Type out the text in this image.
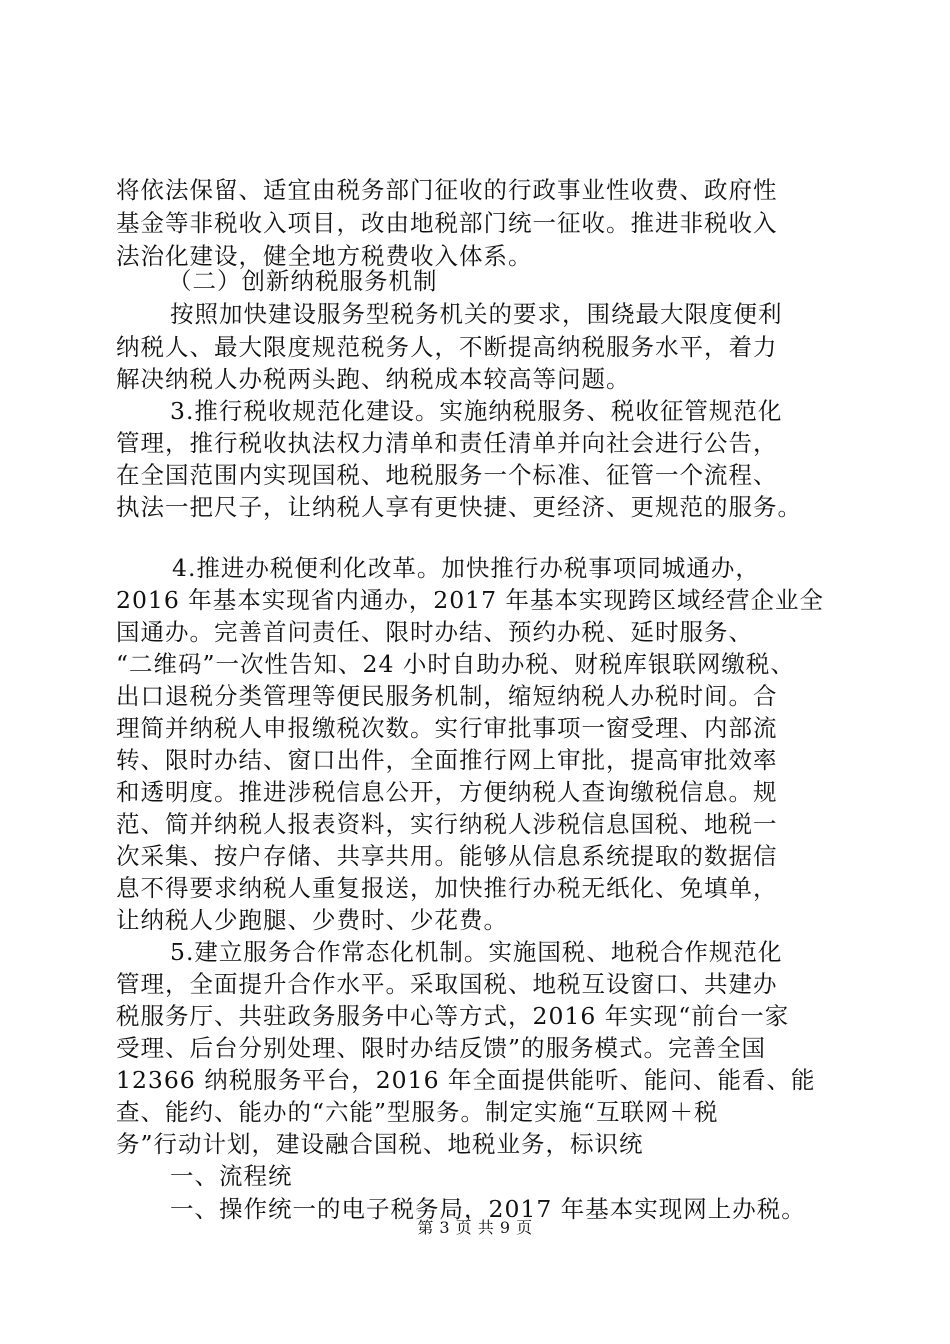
将依法保留、适宜由税务部门征收的行政事业性收费、政府性
基金等非税收入项目，改由地税部门统一征收。推进非税收入
法治化建设，健全地方税费收入体系。
（二）创新纳税服务机制
按照加快建设服务型税务机关的要求，围绕最大限度便利
纳税人、最大限度规范税务人，不断提高纳税服务水平，着力
解决纳税人办税两头跑、纳税成本较高等问题。
3.推行税收规范化建设。实施纳税服务、税收征管规范化
管理，推行税收执法权力清单和责任清单并向社会进行公告，
在全国范围内实现国税、地税服务一个标准、征管一个流程、
执法一把尺子，让纳税人享有更快捷、更经济、更规范的服务。
4.推进办税便利化改革。加快推行办税事项同城通办，
2016 年基本实现省内通办，2017 年基本实现跨区域经营企业全
国通办。完善首问责任、限时办结、预约办税、延时服务、
“二维码”一次性告知、24 小时自助办税、财税库银联网缴税、
出口退税分类管理等便民服务机制，缩短纳税人办税时间。合
理简并纳税人申报缴税次数。实行审批事项一窗受理、内部流
转、限时办结、窗口出件，全面推行网上审批，提高审批效率
和透明度。推进涉税信息公开，方便纳税人查询缴税信息。规
范、简并纳税人报表资料，实行纳税人涉税信息国税、地税一
次采集、按户存储、共享共用。能够从信息系统提取的数据信
息不得要求纳税人重复报送，加快推行办税无纸化、免填单，
让纳税人少跑腿、少费时、少花费。
5.建立服务合作常态化机制。实施国税、地税合作规范化
管理，全面提升合作水平。采取国税、地税互设窗口、共建办
税服务厅、共驻政务服务中心等方式，2016 年实现“前台一家
受理、后台分别处理、限时办结反馈”的服务模式。完善全国
12366 纳税服务平台，2016 年全面提供能听、能问、能看、能
查、能约、能办的“六能”型服务。制定实施“互联网＋税
务”行动计划，建设融合国税、地税业务，标识统
一、流程统
一、操作统一的电子税务局，2017 年基本实现网上办税。
第 3 页 共 9 页
